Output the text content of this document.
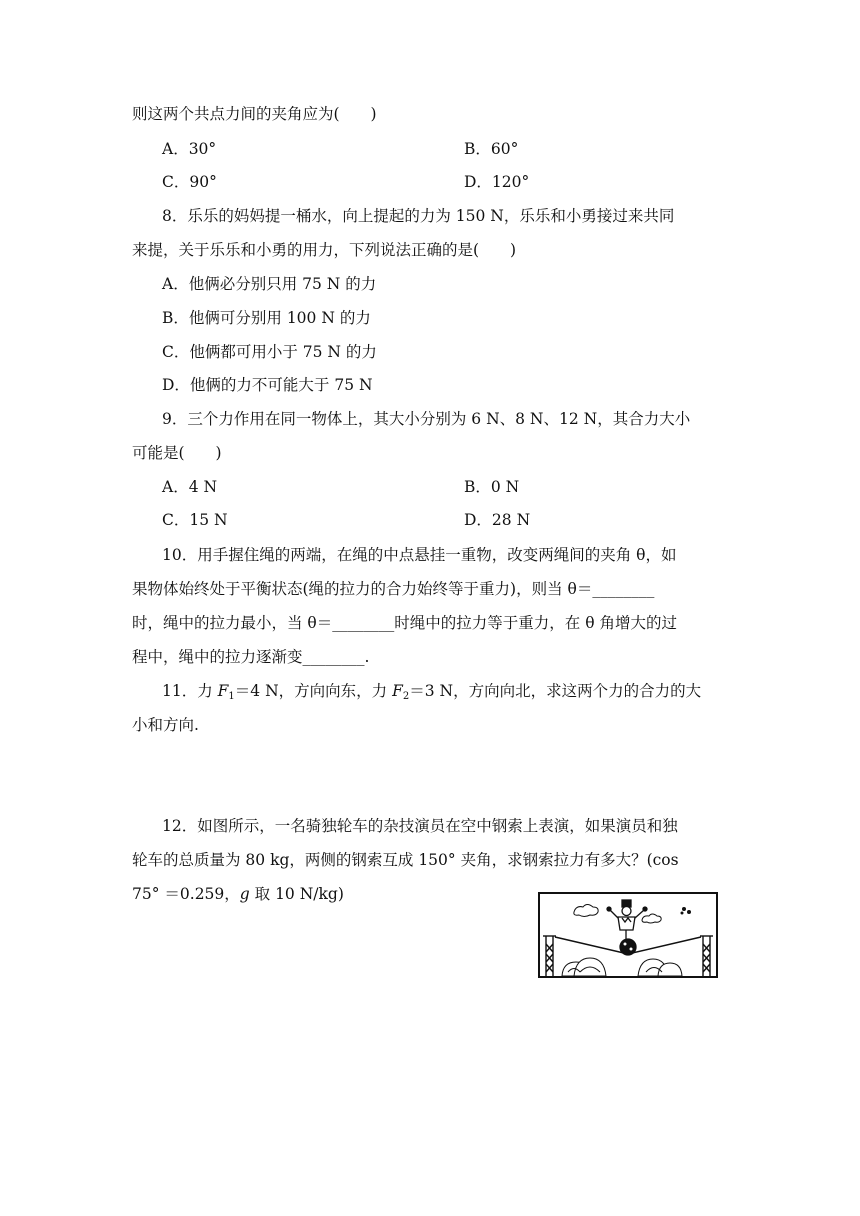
则这两个共点力间的夹角应为(　　)
A．30°	B．60°
C．90°	D．120°
8．乐乐的妈妈提一桶水，向上提起的力为 150 N，乐乐和小勇接过来共同
来提，关于乐乐和小勇的用力，下列说法正确的是(　　)
A．他俩必分别只用 75 N 的力
B．他俩可分别用 100 N 的力
C．他俩都可用小于 75 N 的力
D．他俩的力不可能大于 75 N
9．三个力作用在同一物体上，其大小分别为 6 N、8 N、12 N，其合力大小
可能是(　　)
A．4 N	B．0 N
C．15 N	D．28 N
10．用手握住绳的两端，在绳的中点悬挂一重物，改变两绳间的夹角 θ，如
果物体始终处于平衡状态(绳的拉力的合力始终等于重力)，则当 θ＝________
时，绳中的拉力最小，当 θ＝________时绳中的拉力等于重力，在 θ 角增大的过
程中，绳中的拉力逐渐变________.
11．力 $F_1=4$ N，方向向东，力 $F_2=3$ N，方向向北，求这两个力的合力的大
小和方向.
12．如图所示，一名骑独轮车的杂技演员在空中钢索上表演，如果演员和独
轮车的总质量为 80 kg，两侧的钢索互成 150° 夹角，求钢索拉力有多大？(cos
75° ＝0.259，g 取 10 N/kg)
